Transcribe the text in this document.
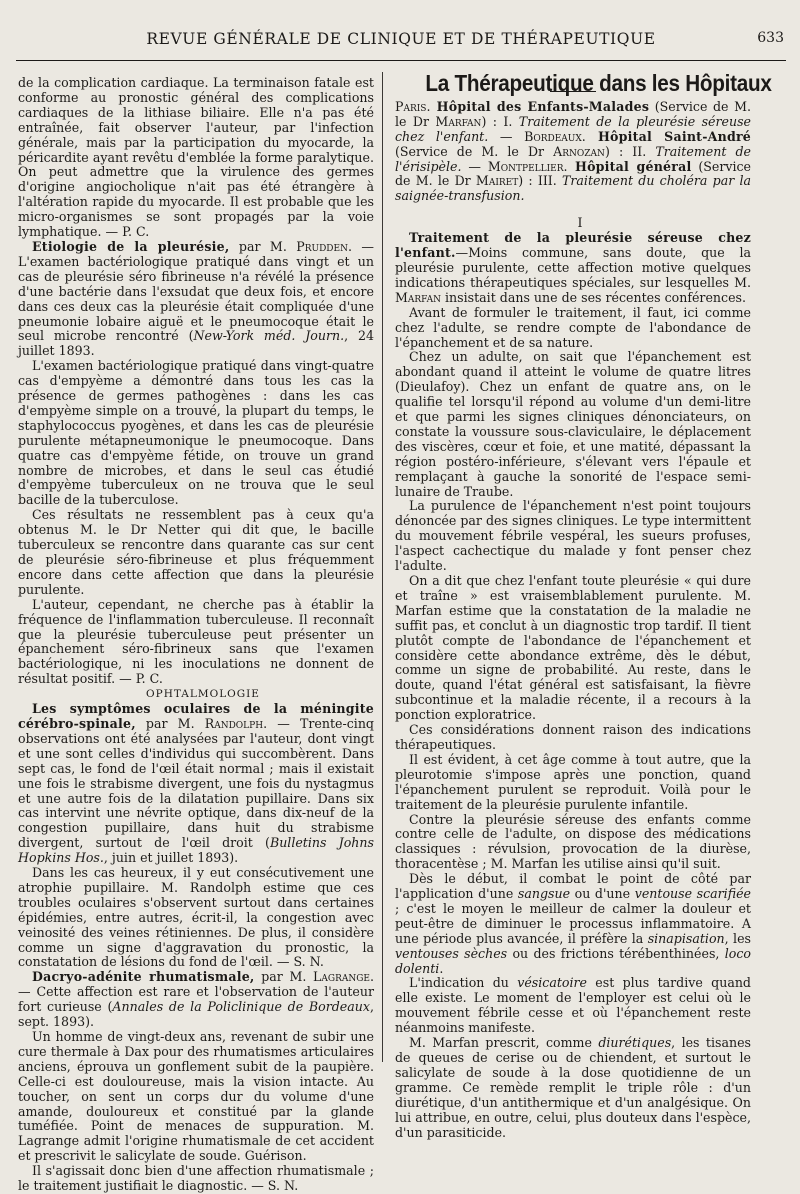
REVUE GÉNÉRALE DE CLINIQUE ET DE THÉRAPEUTIQUE	633

de la complication cardiaque. La terminaison fatale est conforme au pronostic général des complications cardiaques de la lithiase biliaire. Elle n'a pas été entraînée, fait observer l'auteur, par l'infection générale, mais par la participation du myocarde, la péricardite ayant revêtu d'emblée la forme paralytique. On peut admettre que la virulence des germes d'origine angiocholique n'ait pas été étrangère à l'altération rapide du myocarde. Il est probable que les micro-organismes se sont propagés par la voie lymphatique. — P. C.

Etiologie de la pleurésie, par M. Prudden. — L'examen bactériologique pratiqué dans vingt et un cas de pleurésie séro fibrineuse n'a révélé la présence d'une bactérie dans l'exsudat que deux fois, et encore dans ces deux cas la pleurésie était compliquée d'une pneumonie lobaire aiguë et le pneumocoque était le seul microbe rencontré (New-York méd. Journ., 24 juillet 1893.

L'examen bactériologique pratiqué dans vingt-quatre cas d'empyème a démontré dans tous les cas la présence de germes pathogènes : dans les cas d'empyème simple on a trouvé, la plupart du temps, le staphylococcus pyogènes, et dans les cas de pleurésie purulente métapneumonique le pneumocoque. Dans quatre cas d'empyème fétide, on trouve un grand nombre de microbes, et dans le seul cas étudié d'empyème tuberculeux on ne trouva que le seul bacille de la tuberculose.

Ces résultats ne ressemblent pas à ceux qu'a obtenus M. le Dr Netter qui dit que, le bacille tuberculeux se rencontre dans quarante cas sur cent de pleurésie séro-fibrineuse et plus fréquemment encore dans cette affection que dans la pleurésie purulente.

L'auteur, cependant, ne cherche pas à établir la fréquence de l'inflammation tuberculeuse. Il reconnaît que la pleurésie tuberculeuse peut présenter un épanchement séro-fibrineux sans que l'examen bactériologique, ni les inoculations ne donnent de résultat positif. — P. C.

OPHTALMOLOGIE

Les symptômes oculaires de la méningite cérébro-spinale, par M. Randolph. — Trente-cinq observations ont été analysées par l'auteur, dont vingt et une sont celles d'individus qui succombèrent. Dans sept cas, le fond de l'œil était normal ; mais il existait une fois le strabisme divergent, une fois du nystagmus et une autre fois de la dilatation pupillaire. Dans six cas intervint une névrite optique, dans dix-neuf de la congestion pupillaire, dans huit du strabisme divergent, surtout de l'œil droit (Bulletins Johns Hopkins Hos., juin et juillet 1893).

Dans les cas heureux, il y eut consécutivement une atrophie pupillaire. M. Randolph estime que ces troubles oculaires s'observent surtout dans certaines épidémies, entre autres, écrit-il, la congestion avec veinosité des veines rétiniennes. De plus, il considère comme un signe d'aggravation du pronostic, la constatation de lésions du fond de l'œil. — S. N.

Dacryo-adénite rhumatismale, par M. Lagrange. — Cette affection est rare et l'observation de l'auteur fort curieuse (Annales de la Policlinique de Bordeaux, sept. 1893).

Un homme de vingt-deux ans, revenant de subir une cure thermale à Dax pour des rhumatismes articulaires anciens, éprouva un gonflement subit de la paupière. Celle-ci est douloureuse, mais la vision intacte. Au toucher, on sent un corps dur du volume d'une amande, douloureux et constitué par la glande tuméfiée. Point de menaces de suppuration. M. Lagrange admit l'origine rhumatismale de cet accident et prescrivit le salicylate de soude. Guérison.

Il s'agissait donc bien d'une affection rhumatismale ; le traitement justifiait le diagnostic. — S. N.

La Thérapeutique dans les Hôpitaux

Paris. Hôpital des Enfants-Malades (Service de M. le Dr Marfan) : I. Traitement de la pleurésie séreuse chez l'enfant. — Bordeaux. Hôpital Saint-André (Service de M. le Dr Arnozan) : II. Traitement de l'érisipèle. — Montpellier. Hôpital général (Service de M. le Dr Mairet) : III. Traitement du choléra par la saignée-transfusion.

I

Traitement de la pleurésie séreuse chez l'enfant.—Moins commune, sans doute, que la pleurésie purulente, cette affection motive quelques indications thérapeutiques spéciales, sur lesquelles M. Marfan insistait dans une de ses récentes conférences.

Avant de formuler le traitement, il faut, ici comme chez l'adulte, se rendre compte de l'abondance de l'épanchement et de sa nature.

Chez un adulte, on sait que l'épanchement est abondant quand il atteint le volume de quatre litres (Dieulafoy). Chez un enfant de quatre ans, on le qualifie tel lorsqu'il répond au volume d'un demi-litre et que parmi les signes cliniques dénonciateurs, on constate la voussure sous-claviculaire, le déplacement des viscères, cœur et foie, et une matité, dépassant la région postéro-inférieure, s'élevant vers l'épaule et remplaçant à gauche la sonorité de l'espace semi-lunaire de Traube.

La purulence de l'épanchement n'est point toujours dénoncée par des signes cliniques. Le type intermittent du mouvement fébrile vespéral, les sueurs profuses, l'aspect cachectique du malade y font penser chez l'adulte.

On a dit que chez l'enfant toute pleurésie « qui dure et traîne » est vraisemblablement purulente. M. Marfan estime que la constatation de la maladie ne suffit pas, et conclut à un diagnostic trop tardif. Il tient plutôt compte de l'abondance de l'épanchement et considère cette abondance extrême, dès le début, comme un signe de probabilité. Au reste, dans le doute, quand l'état général est satisfaisant, la fièvre subcontinue et la maladie récente, il a recours à la ponction exploratrice.

Ces considérations donnent raison des indications thérapeutiques.

Il est évident, à cet âge comme à tout autre, que la pleurotomie s'impose après une ponction, quand l'épanchement purulent se reproduit. Voilà pour le traitement de la pleurésie purulente infantile.

Contre la pleurésie séreuse des enfants comme contre celle de l'adulte, on dispose des médications classiques : révulsion, provocation de la diurèse, thoracentèse ; M. Marfan les utilise ainsi qu'il suit.

Dès le début, il combat le point de côté par l'application d'une sangsue ou d'une ventouse scarifiée ; c'est le moyen le meilleur de calmer la douleur et peut-être de diminuer le processus inflammatoire. A une période plus avancée, il préfère la sinapisation, les ventouses sèches ou des frictions térébenthinées, loco dolenti.

L'indication du vésicatoire est plus tardive quand elle existe. Le moment de l'employer est celui où le mouvement fébrile cesse et où l'épanchement reste néanmoins manifeste.

M. Marfan prescrit, comme diurétiques, les tisanes de queues de cerise ou de chiendent, et surtout le salicylate de soude à la dose quotidienne de un gramme. Ce remède remplit le triple rôle : d'un diurétique, d'un antithermique et d'un analgésique. On lui attribue, en outre, celui, plus douteux dans l'espèce, d'un parasiticide.
